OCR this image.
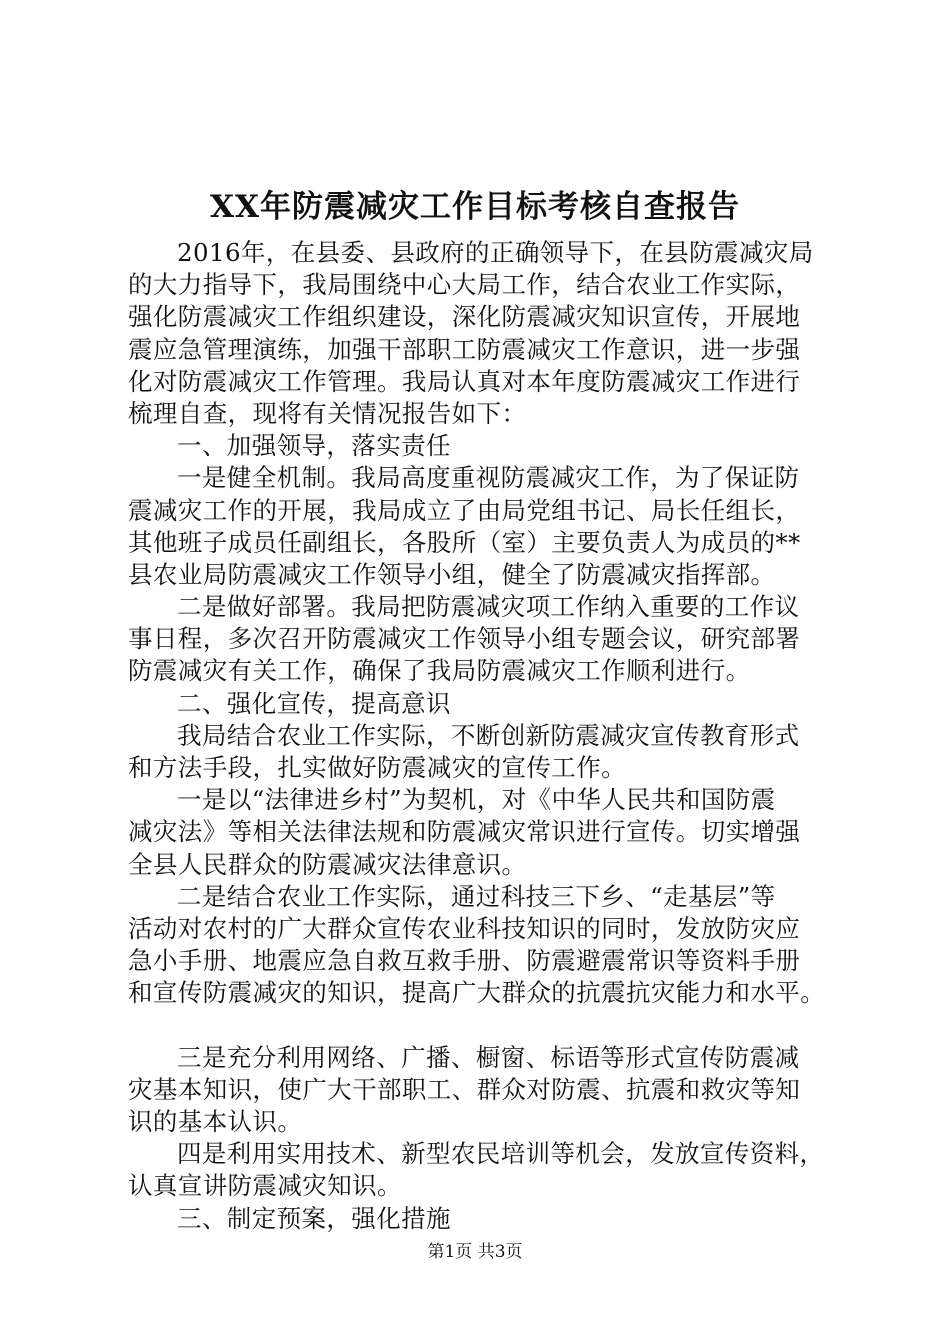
XX年防震减灾工作目标考核自查报告
2016年，在县委、县政府的正确领导下，在县防震减灾局
的大力指导下，我局围绕中心大局工作，结合农业工作实际，
强化防震减灾工作组织建设，深化防震减灾知识宣传，开展地
震应急管理演练，加强干部职工防震减灾工作意识，进一步强
化对防震减灾工作管理。我局认真对本年度防震减灾工作进行
梳理自查，现将有关情况报告如下：
一、加强领导，落实责任
一是健全机制。我局高度重视防震减灾工作，为了保证防
震减灾工作的开展，我局成立了由局党组书记、局长任组长，
其他班子成员任副组长，各股所（室）主要负责人为成员的**
县农业局防震减灾工作领导小组，健全了防震减灾指挥部。
二是做好部署。我局把防震减灾项工作纳入重要的工作议
事日程，多次召开防震减灾工作领导小组专题会议，研究部署
防震减灾有关工作，确保了我局防震减灾工作顺利进行。
二、强化宣传，提高意识
我局结合农业工作实际，不断创新防震减灾宣传教育形式
和方法手段，扎实做好防震减灾的宣传工作。
一是以“法律进乡村”为契机，对《中华人民共和国防震
减灾法》等相关法律法规和防震减灾常识进行宣传。切实增强
全县人民群众的防震减灾法律意识。
二是结合农业工作实际，通过科技三下乡、“走基层”等
活动对农村的广大群众宣传农业科技知识的同时，发放防灾应
急小手册、地震应急自救互救手册、防震避震常识等资料手册
和宣传防震减灾的知识，提高广大群众的抗震抗灾能力和水平。
三是充分利用网络、广播、橱窗、标语等形式宣传防震减
灾基本知识，使广大干部职工、群众对防震、抗震和救灾等知
识的基本认识。
四是利用实用技术、新型农民培训等机会，发放宣传资料，
认真宣讲防震减灾知识。
三、制定预案，强化措施
第1页 共3页
